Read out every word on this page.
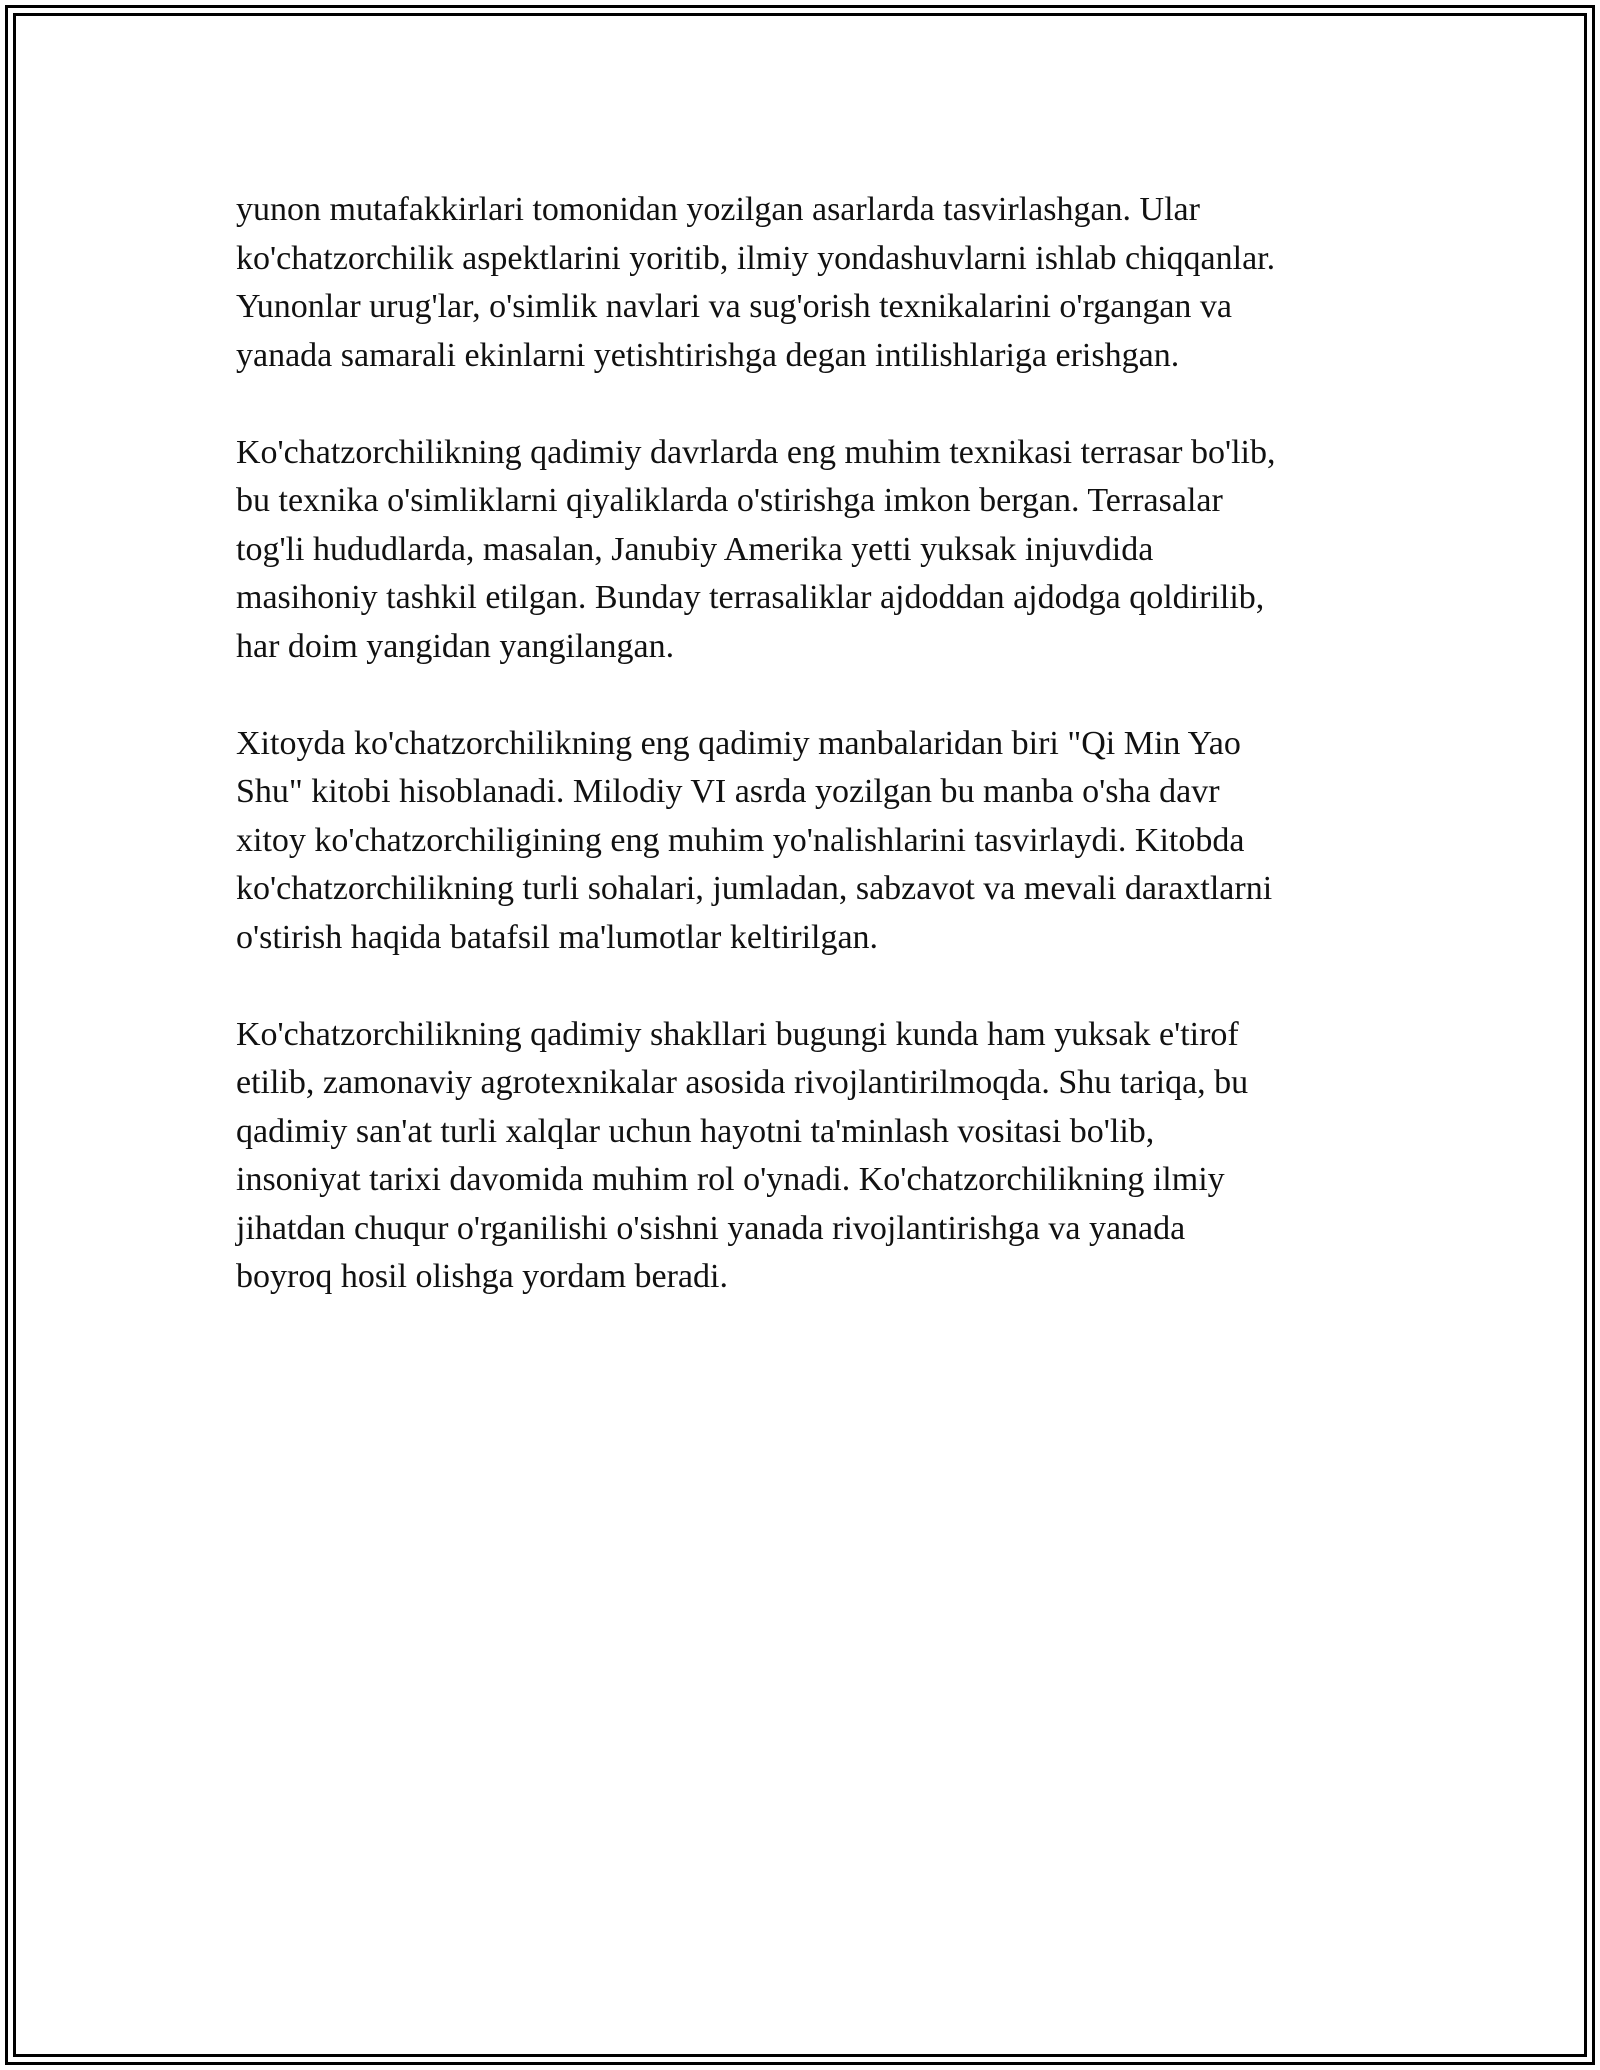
yunon mutafakkirlari tomonidan yozilgan asarlarda tasvirlashgan. Ular
ko'chatzorchilik aspektlarini yoritib, ilmiy yondashuvlarni ishlab chiqqanlar.
Yunonlar urug'lar, o'simlik navlari va sug'orish texnikalarini o'rgangan va
yanada samarali ekinlarni yetishtirishga degan intilishlariga erishgan.

Ko'chatzorchilikning qadimiy davrlarda eng muhim texnikasi terrasar bo'lib,
bu texnika o'simliklarni qiyaliklarda o'stirishga imkon bergan. Terrasalar
tog'li hududlarda, masalan, Janubiy Amerika yetti yuksak injuvdida
masihoniy tashkil etilgan. Bunday terrasaliklar ajdoddan ajdodga qoldirilib,
har doim yangidan yangilangan.

Xitoyda ko'chatzorchilikning eng qadimiy manbalaridan biri "Qi Min Yao
Shu" kitobi hisoblanadi. Milodiy VI asrda yozilgan bu manba o'sha davr
xitoy ko'chatzorchiligining eng muhim yo'nalishlarini tasvirlaydi. Kitobda
ko'chatzorchilikning turli sohalari, jumladan, sabzavot va mevali daraxtlarni
o'stirish haqida batafsil ma'lumotlar keltirilgan.

Ko'chatzorchilikning qadimiy shakllari bugungi kunda ham yuksak e'tirof
etilib, zamonaviy agrotexnikalar asosida rivojlantirilmoqda. Shu tariqa, bu
qadimiy san'at turli xalqlar uchun hayotni ta'minlash vositasi bo'lib,
insoniyat tarixi davomida muhim rol o'ynadi. Ko'chatzorchilikning ilmiy
jihatdan chuqur o'rganilishi o'sishni yanada rivojlantirishga va yanada
boyroq hosil olishga yordam beradi.
